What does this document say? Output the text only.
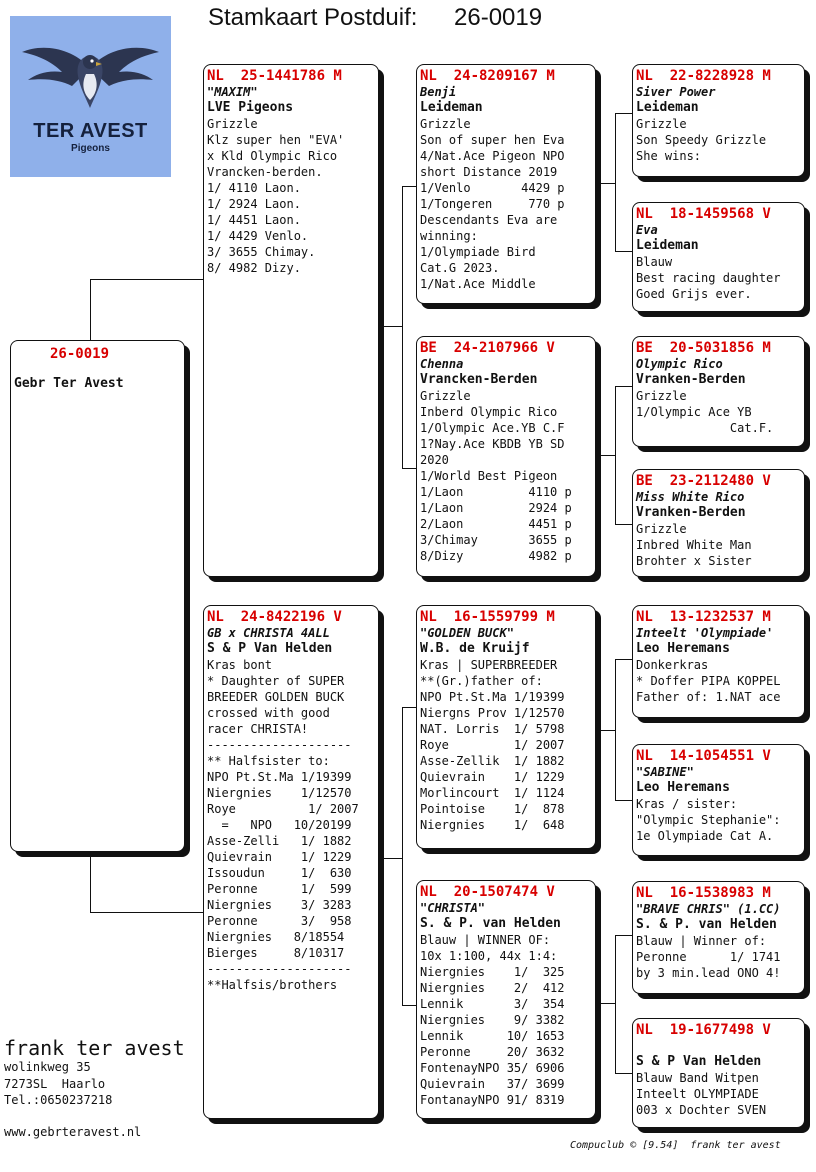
Stamkaart Postduif: 26-0019
TER AVEST
Pigeons
26-0019
Gebr Ter Avest
NL  25-1441786 M
"MAXIM"
LVE Pigeons
Grizzle
Klz super hen "EVA'
x Kld Olympic Rico
Vrancken-berden.
1/ 4110 Laon.
1/ 2924 Laon.
1/ 4451 Laon.
1/ 4429 Venlo.
3/ 3655 Chimay.
8/ 4982 Dizy.
NL  24-8422196 V
GB x CHRISTA 4ALL
S & P Van Helden
Kras bont
* Daughter of SUPER
BREEDER GOLDEN BUCK
crossed with good
racer CHRISTA!
--------------------
** Halfsister to:
NPO Pt.St.Ma 1/19399
Niergnies    1/12570
Roye          1/ 2007
=   NPO   10/20199
Asse-Zelli   1/ 1882
Quievrain    1/ 1229
Issoudun     1/  630
Peronne      1/  599
Niergnies    3/ 3283
Peronne      3/  958
Niergnies   8/18554
Bierges     8/10317
--------------------
**Halfsis/brothers
NL  24-8209167 M
Benji
Leideman
Grizzle
Son of super hen Eva
4/Nat.Ace Pigeon NPO
short Distance 2019
1/Venlo       4429 p
1/Tongeren     770 p
Descendants Eva are
winning:
1/Olympiade Bird
Cat.G 2023.
1/Nat.Ace Middle
BE  24-2107966 V
Chenna
Vrancken-Berden
Grizzle
Inberd Olympic Rico
1/Olympic Ace.YB C.F
1?Nay.Ace KBDB YB SD
2020
1/World Best Pigeon
1/Laon         4110 p
1/Laon         2924 p
2/Laon         4451 p
3/Chimay       3655 p
8/Dizy         4982 p
NL  16-1559799 M
"GOLDEN BUCK"
W.B. de Kruijf
Kras | SUPERBREEDER
**(Gr.)father of:
NPO Pt.St.Ma 1/19399
Niergns Prov 1/12570
NAT. Lorris  1/ 5798
Roye         1/ 2007
Asse-Zellik  1/ 1882
Quievrain    1/ 1229
Morlincourt  1/ 1124
Pointoise    1/  878
Niergnies    1/  648
NL  20-1507474 V
"CHRISTA"
S. & P. van Helden
Blauw | WINNER OF:
10x 1:100, 44x 1:4:
Niergnies    1/  325
Niergnies    2/  412
Lennik       3/  354
Niergnies    9/ 3382
Lennik      10/ 1653
Peronne     20/ 3632
FontenayNPO 35/ 6906
Quievrain   37/ 3699
FontanayNPO 91/ 8319
NL  22-8228928 M
Siver Power
Leideman
Grizzle
Son Speedy Grizzle
She wins:
NL  18-1459568 V
Eva
Leideman
Blauw
Best racing daughter
Goed Grijs ever.
BE  20-5031856 M
Olympic Rico
Vranken-Berden
Grizzle
1/Olympic Ace YB
Cat.F.
BE  23-2112480 V
Miss White Rico
Vranken-Berden
Grizzle
Inbred White Man
Brohter x Sister
NL  13-1232537 M
Inteelt 'Olympiade'
Leo Heremans
Donkerkras
* Doffer PIPA KOPPEL
Father of: 1.NAT ace
NL  14-1054551 V
"SABINE"
Leo Heremans
Kras / sister:
"Olympic Stephanie":
1e Olympiade Cat A.
NL  16-1538983 M
"BRAVE CHRIS" (1.CC)
S. & P. van Helden
Blauw | Winner of:
Peronne      1/ 1741
by 3 min.lead ONO 4!
NL  19-1677498 V

S & P Van Helden
Blauw Band Witpen
Inteelt OLYMPIADE
003 x Dochter SVEN
frank ter avest
wolinkweg 35
7273SL  Haarlo
Tel.:0650237218
www.gebrteravest.nl
Compuclub © [9.54]  frank ter avest
